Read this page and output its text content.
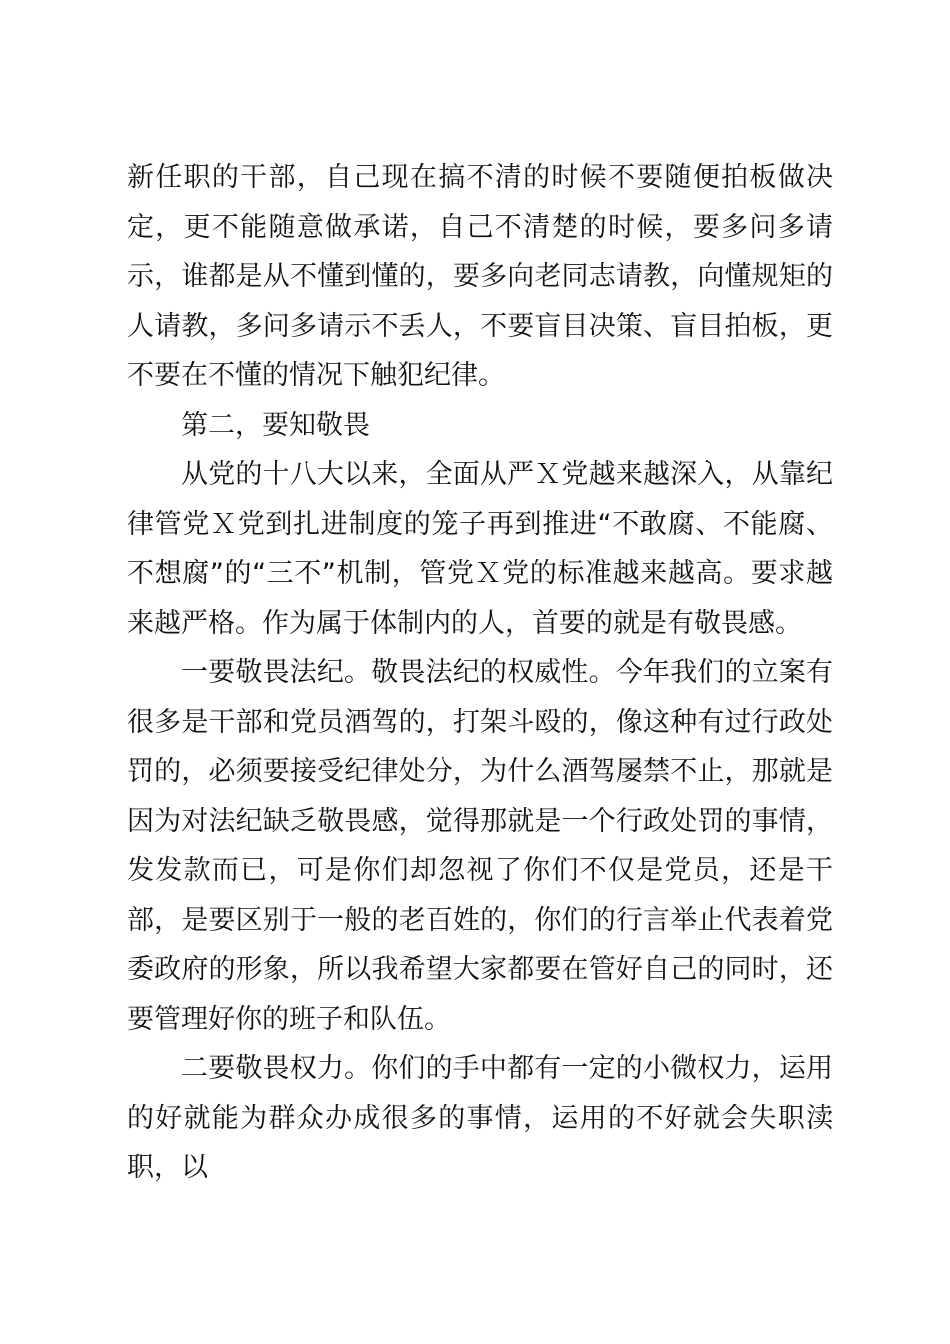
新任职的干部，自己现在搞不清的时候不要随便拍板做决定，更不能随意做承诺，自己不清楚的时候，要多问多请示，谁都是从不懂到懂的，要多向老同志请教，向懂规矩的人请教，多问多请示不丢人，不要盲目决策、盲目拍板，更不要在不懂的情况下触犯纪律。

第二，要知敬畏

从党的十八大以来，全面从严Ｘ党越来越深入，从靠纪律管党Ｘ党到扎进制度的笼子再到推进“不敢腐、不能腐、不想腐”的“三不”机制，管党Ｘ党的标准越来越高。要求越来越严格。作为属于体制内的人，首要的就是有敬畏感。

一要敬畏法纪。敬畏法纪的权威性。今年我们的立案有很多是干部和党员酒驾的，打架斗殴的，像这种有过行政处罚的，必须要接受纪律处分，为什么酒驾屡禁不止，那就是因为对法纪缺乏敬畏感，觉得那就是一个行政处罚的事情，发发款而已，可是你们却忽视了你们不仅是党员，还是干部，是要区别于一般的老百姓的，你们的行言举止代表着党委政府的形象，所以我希望大家都要在管好自己的同时，还要管理好你的班子和队伍。

二要敬畏权力。你们的手中都有一定的小微权力，运用的好就能为群众办成很多的事情，运用的不好就会失职渎职，以
